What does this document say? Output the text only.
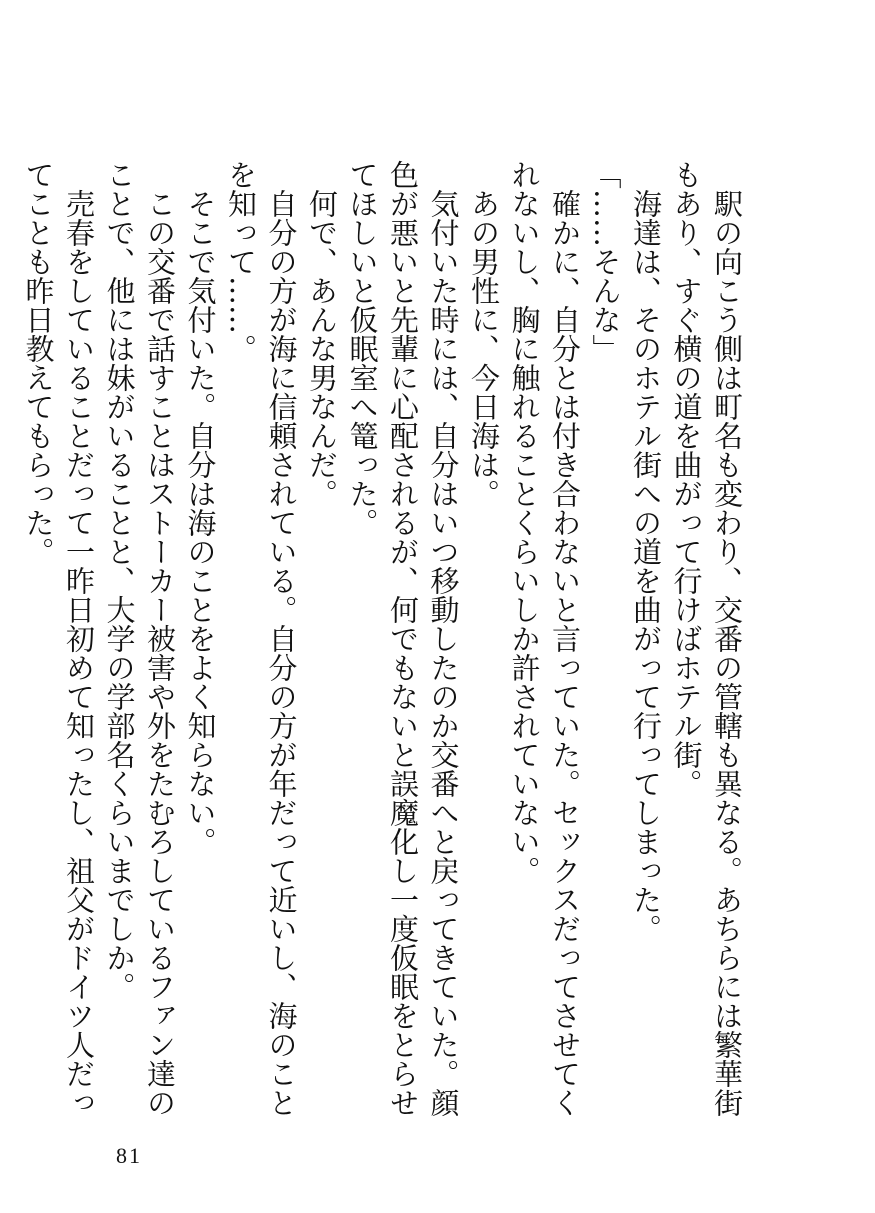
駅の向こう側は町名も変わり、交番の管轄も異なる。あちらには繁華街もあり、すぐ横の道を曲がって行けばホテル街。

海達は、そのホテル街への道を曲がって行ってしまった。

「……そんな」

確かに、自分とは付き合わないと言っていた。セックスだってさせてくれないし、胸に触れることくらいしか許されていない。

あの男性に、今日海は。

気付いた時には、自分はいつ移動したのか交番へと戻ってきていた。顔色が悪いと先輩に心配されるが、何でもないと誤魔化し一度仮眠をとらせてほしいと仮眠室へ篭った。

何で、あんな男なんだ。

自分の方が海に信頼されている。自分の方が年だって近いし、海のことを知って……。

そこで気付いた。自分は海のことをよく知らない。

この交番で話すことはストーカー被害や外をたむろしているファン達のことで、他には妹がいることと、大学の学部名くらいまでしか。

売春をしていることだって一昨日初めて知ったし、祖父がドイツ人だってことも昨日教えてもらった。

81
